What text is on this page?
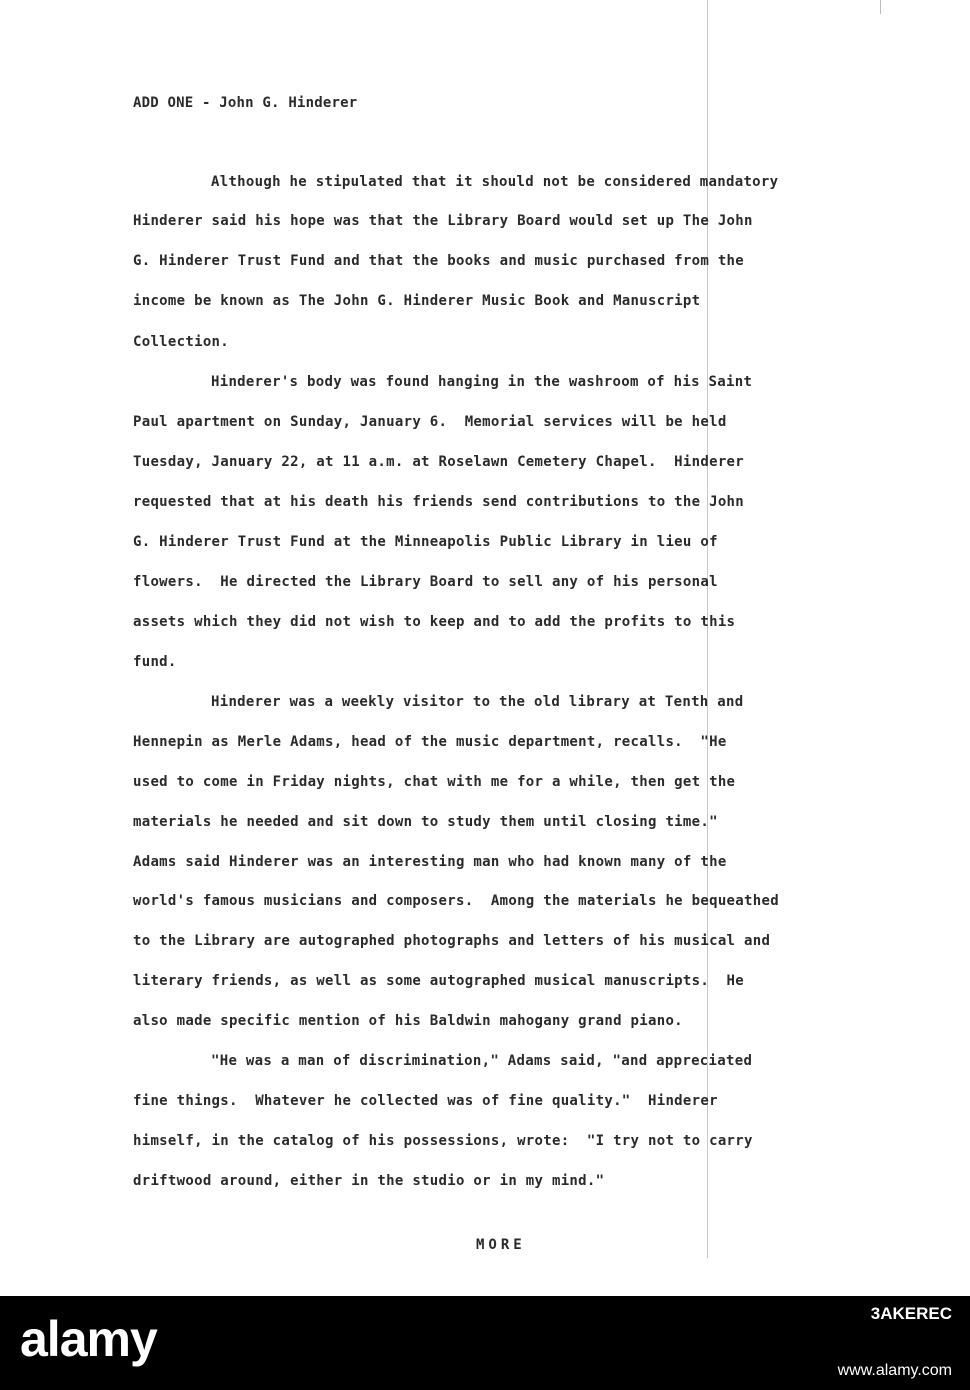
ADD ONE - John G. Hinderer
Although he stipulated that it should not be considered mandatory
Hinderer said his hope was that the Library Board would set up The John
G. Hinderer Trust Fund and that the books and music purchased from the
income be known as The John G. Hinderer Music Book and Manuscript
Collection.
Hinderer's body was found hanging in the washroom of his Saint
Paul apartment on Sunday, January 6.  Memorial services will be held
Tuesday, January 22, at 11 a.m. at Roselawn Cemetery Chapel.  Hinderer
requested that at his death his friends send contributions to the John
G. Hinderer Trust Fund at the Minneapolis Public Library in lieu of
flowers.  He directed the Library Board to sell any of his personal
assets which they did not wish to keep and to add the profits to this
fund.
Hinderer was a weekly visitor to the old library at Tenth and
Hennepin as Merle Adams, head of the music department, recalls.  "He
used to come in Friday nights, chat with me for a while, then get the
materials he needed and sit down to study them until closing time."
Adams said Hinderer was an interesting man who had known many of the
world's famous musicians and composers.  Among the materials he bequeathed
to the Library are autographed photographs and letters of his musical and
literary friends, as well as some autographed musical manuscripts.  He
also made specific mention of his Baldwin mahogany grand piano.
"He was a man of discrimination," Adams said, "and appreciated
fine things.  Whatever he collected was of fine quality."  Hinderer
himself, in the catalog of his possessions, wrote:  "I try not to carry
driftwood around, either in the studio or in my mind."
MORE
alamy	3AKEREC
www.alamy.com
